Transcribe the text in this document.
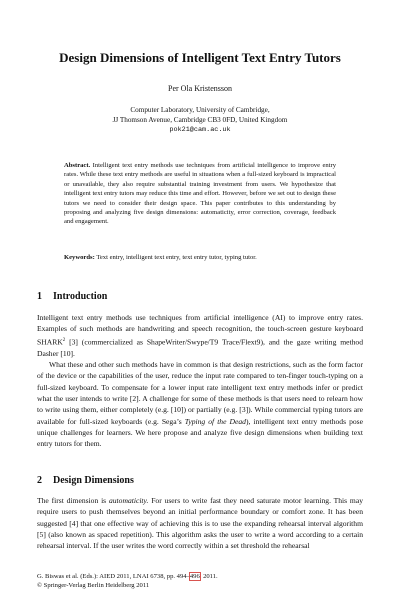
Design Dimensions of Intelligent Text Entry Tutors
Per Ola Kristensson
Computer Laboratory, University of Cambridge,
JJ Thomson Avenue, Cambridge CB3 0FD, United Kingdom
pok21@cam.ac.uk
Abstract. Intelligent text entry methods use techniques from artificial intelligence to improve entry rates. While these text entry methods are useful in situations when a full-sized keyboard is impractical or unavailable, they also require substantial training investment from users. We hypothesize that intelligent text entry tutors may reduce this time and effort. However, before we set out to design these tutors we need to consider their design space. This paper contributes to this understanding by proposing and analyzing five design dimensions: automaticity, error correction, coverage, feedback and engagement.
Keywords: Text entry, intelligent text entry, text entry tutor, typing tutor.
1 Introduction

Intelligent text entry methods use techniques from artificial intelligence (AI) to improve entry rates. Examples of such methods are handwriting and speech recognition, the touch-screen gesture keyboard SHARK$^2$ [3] (commercialized as ShapeWriter/Swype/T9 Trace/Flext9), and the gaze writing method Dasher [10].

What these and other such methods have in common is that design restrictions, such as the form factor of the device or the capabilities of the user, reduce the input rate compared to ten-finger touch-typing on a full-sized keyboard. To compensate for a lower input rate intelligent text entry methods infer or predict what the user intends to write [2]. A challenge for some of these methods is that users need to relearn how to write using them, either completely (e.g. [10]) or partially (e.g. [3]). While commercial typing tutors are available for full-sized keyboards (e.g. Sega’s Typing of the Dead), intelligent text entry methods pose unique challenges for learners. We here propose and analyze five design dimensions when building text entry tutors for them.

2 Design Dimensions

The first dimension is automaticity. For users to write fast they need saturate motor learning. This may require users to push themselves beyond an initial performance boundary or comfort zone. It has been suggested [4] that one effective way of achieving this is to use the expanding rehearsal interval algorithm [5] (also known as spaced repetition). This algorithm asks the user to write a word according to a certain rehearsal interval. If the user writes the word correctly within a set threshold the rehearsal

G. Biswas et al. (Eds.): AIED 2011, LNAI 6738, pp. 494–496, 2011.
© Springer-Verlag Berlin Heidelberg 2011
